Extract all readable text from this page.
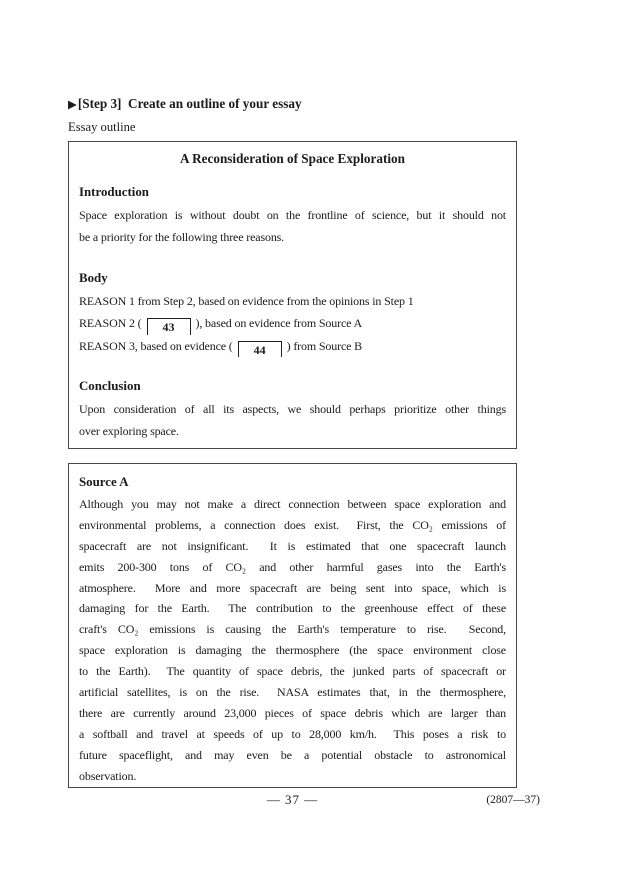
▶[Step 3]  Create an outline of your essay
Essay outline
A Reconsideration of Space Exploration
Introduction
Space exploration is without doubt on the frontline of science, but it should not
be a priority for the following three reasons.
Body
REASON 1 from Step 2, based on evidence from the opinions in Step 1
REASON 2 ( 43 ), based on evidence from Source A
REASON 3, based on evidence ( 44 ) from Source B
Conclusion
Upon consideration of all its aspects, we should perhaps prioritize other things
over exploring space.
Source A
Although you may not make a direct connection between space exploration and
environmental problems, a connection does exist.  First, the CO₂ emissions of
spacecraft are not insignificant.  It is estimated that one spacecraft launch
emits 200-300 tons of CO₂ and other harmful gases into the Earth's
atmosphere.  More and more spacecraft are being sent into space, which is
damaging for the Earth.  The contribution to the greenhouse effect of these
craft's CO₂ emissions is causing the Earth's temperature to rise.  Second,
space exploration is damaging the thermosphere (the space environment close
to the Earth).  The quantity of space debris, the junked parts of spacecraft or
artificial satellites, is on the rise.  NASA estimates that, in the thermosphere,
there are currently around 23,000 pieces of space debris which are larger than
a softball and travel at speeds of up to 28,000 km/h.  This poses a risk to
future spaceflight, and may even be a potential obstacle to astronomical
observation.
— 37 —	(2807—37)
